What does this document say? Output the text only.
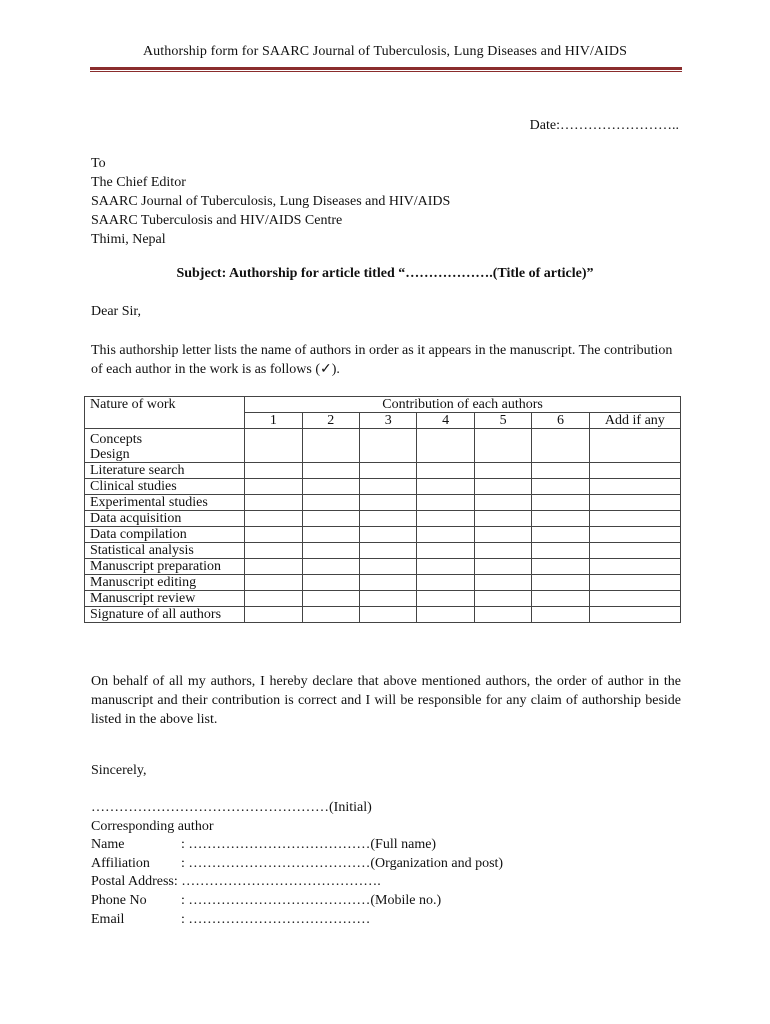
Authorship form for SAARC Journal of Tuberculosis, Lung Diseases and HIV/AIDS
Date:……………………..
To
The Chief Editor
SAARC Journal of Tuberculosis, Lung Diseases and HIV/AIDS
SAARC Tuberculosis and HIV/AIDS Centre
Thimi, Nepal
Subject: Authorship for article titled “……………….(Title of article)”
Dear Sir,
This authorship letter lists the name of authors in order as it appears in the manuscript. The contribution of each author in the work is as follows (✓).
Nature of work	Contribution of each authors						
	1	2	3	4	5	6	Add if any

Concepts
Design							

Literature search							
Clinical studies							
Experimental studies							
Data acquisition							
Data compilation							
Statistical analysis							
Manuscript preparation							
Manuscript editing							
Manuscript review							
Signature of all authors							
On behalf of all my authors, I hereby declare that above mentioned authors, the order of author in the manuscript and their contribution is correct and I will be responsible for any claim of authorship beside listed in the above list.
Sincerely,
……………………………………………(Initial)
Corresponding author
Name	: …………………………………(Full name)
Affiliation	: …………………………………(Organization and post)
Postal Address: …………………………………….
Phone No	: …………………………………(Mobile no.)
Email	: …………………………………
